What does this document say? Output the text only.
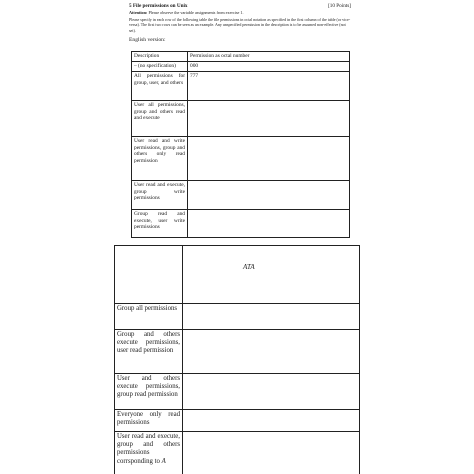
5 File permissions on Unix	[10 Points]
Attention: Please observe the variable assignments from exercise 1.
Please specify in each row of the following table the file permissions in octal notation as specified in the first column of the table (or vice-versa). The first two rows can be seen as an example. Any unspecified permission in the description is to be assumed non-effective (not set).
English version:
Description	Permission as octal number
– (no specification)	000
All permissions for group, user, and others	777
User all permissions, group and others read and execute	
User read and write permissions, group and others only read permission	
User read and execute, group write permissions	
Group read and execute, user write permissions	

	ATA

Group all permissions	
Group and others execute permissions, user read permission	
User and others execute permissions, group read permission	
Everyone only read permissions	
User read and execute, group and others permissions corrsponding to A	
